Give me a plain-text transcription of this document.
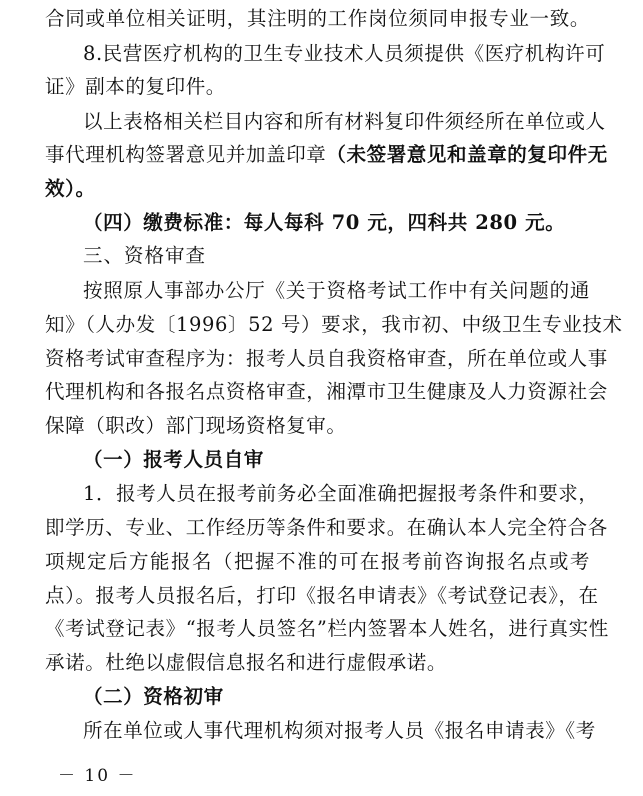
合同或单位相关证明，其注明的工作岗位须同申报专业一致。
8.民营医疗机构的卫生专业技术人员须提供《医疗机构许可
证》副本的复印件。
以上表格相关栏目内容和所有材料复印件须经所在单位或人
事代理机构签署意见并加盖印章（未签署意见和盖章的复印件无
效）。
（四）缴费标准：每人每科 70 元，四科共 280 元。
三、资格审查
按照原人事部办公厅《关于资格考试工作中有关问题的通
知》（人办发〔1996〕52 号）要求，我市初、中级卫生专业技术
资格考试审查程序为：报考人员自我资格审查，所在单位或人事
代理机构和各报名点资格审查，湘潭市卫生健康及人力资源社会
保障（职改）部门现场资格复审。
（一）报考人员自审
1．报考人员在报考前务必全面准确把握报考条件和要求，
即学历、专业、工作经历等条件和要求。在确认本人完全符合各
项规定后方能报名（把握不准的可在报考前咨询报名点或考
点）。报考人员报名后，打印《报名申请表》《考试登记表》，在
《考试登记表》“报考人员签名”栏内签署本人姓名，进行真实性
承诺。杜绝以虚假信息报名和进行虚假承诺。
（二）资格初审
所在单位或人事代理机构须对报考人员《报名申请表》《考
－ 10 －
